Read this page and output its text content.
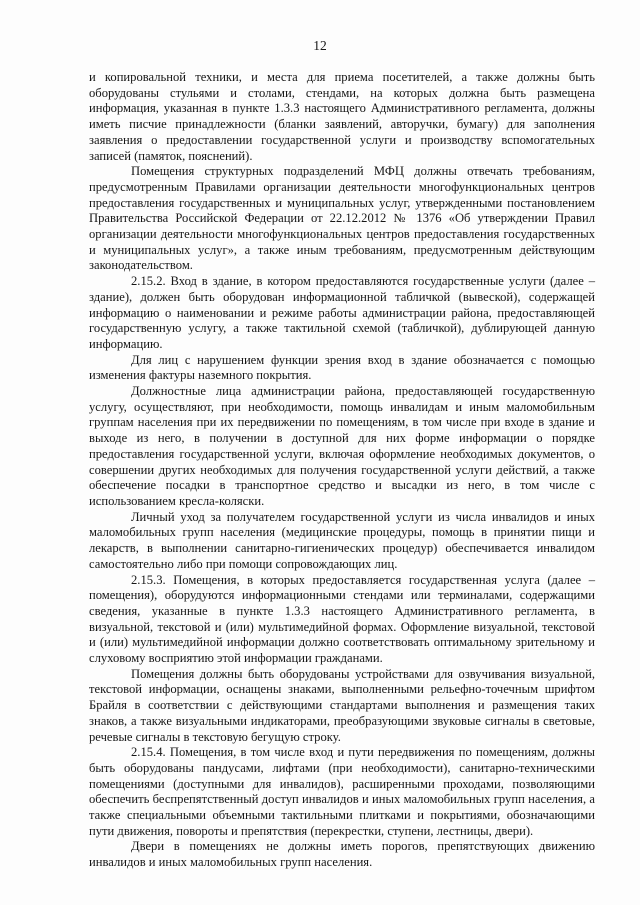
12

и копировальной техники, и места для приема посетителей, а также должны быть оборудованы стульями и столами, стендами, на которых должна быть размещена информация, указанная в пункте 1.3.3 настоящего Административного регламента, должны иметь писчие принадлежности (бланки заявлений, авторучки, бумагу) для заполнения заявления о предоставлении государственной услуги и производству вспомогательных записей (памяток, пояснений).

Помещения структурных подразделений МФЦ должны отвечать требованиям, предусмотренным Правилами организации деятельности многофункциональных центров предоставления государственных и муниципальных услуг, утвержденными постановлением Правительства Российской Федерации от 22.12.2012 № 1376 «Об утверждении Правил организации деятельности многофункциональных центров предоставления государственных и муниципальных услуг», а также иным требованиям, предусмотренным действующим законодательством.

2.15.2. Вход в здание, в котором предоставляются государственные услуги (далее – здание), должен быть оборудован информационной табличкой (вывеской), содержащей информацию о наименовании и режиме работы администрации района, предоставляющей государственную услугу, а также тактильной схемой (табличкой), дублирующей данную информацию.

Для лиц с нарушением функции зрения вход в здание обозначается с помощью изменения фактуры наземного покрытия.

Должностные лица администрации района, предоставляющей государственную услугу, осуществляют, при необходимости, помощь инвалидам и иным маломобильным группам населения при их передвижении по помещениям, в том числе при входе в здание и выходе из него, в получении в доступной для них форме информации о порядке предоставления государственной услуги, включая оформление необходимых документов, о совершении других необходимых для получения государственной услуги действий, а также обеспечение посадки в транспортное средство и высадки из него, в том числе с использованием кресла-коляски.

Личный уход за получателем государственной услуги из числа инвалидов и иных маломобильных групп населения (медицинские процедуры, помощь в принятии пищи и лекарств, в выполнении санитарно-гигиенических процедур) обеспечивается инвалидом самостоятельно либо при помощи сопровождающих лиц.

2.15.3. Помещения, в которых предоставляется государственная услуга (далее – помещения), оборудуются информационными стендами или терминалами, содержащими сведения, указанные в пункте 1.3.3 настоящего Административного регламента, в визуальной, текстовой и (или) мультимедийной формах. Оформление визуальной, текстовой и (или) мультимедийной информации должно соответствовать оптимальному зрительному и слуховому восприятию этой информации гражданами.

Помещения должны быть оборудованы устройствами для озвучивания визуальной, текстовой информации, оснащены знаками, выполненными рельефно-точечным шрифтом Брайля в соответствии с действующими стандартами выполнения и размещения таких знаков, а также визуальными индикаторами, преобразующими звуковые сигналы в световые, речевые сигналы в текстовую бегущую строку.

2.15.4. Помещения, в том числе вход и пути передвижения по помещениям, должны быть оборудованы пандусами, лифтами (при необходимости), санитарно-техническими помещениями (доступными для инвалидов), расширенными проходами, позволяющими обеспечить беспрепятственный доступ инвалидов и иных маломобильных групп населения, а также специальными объемными тактильными плитками и покрытиями, обозначающими пути движения, повороты и препятствия (перекрестки, ступени, лестницы, двери).

Двери в помещениях не должны иметь порогов, препятствующих движению инвалидов и иных маломобильных групп населения.
